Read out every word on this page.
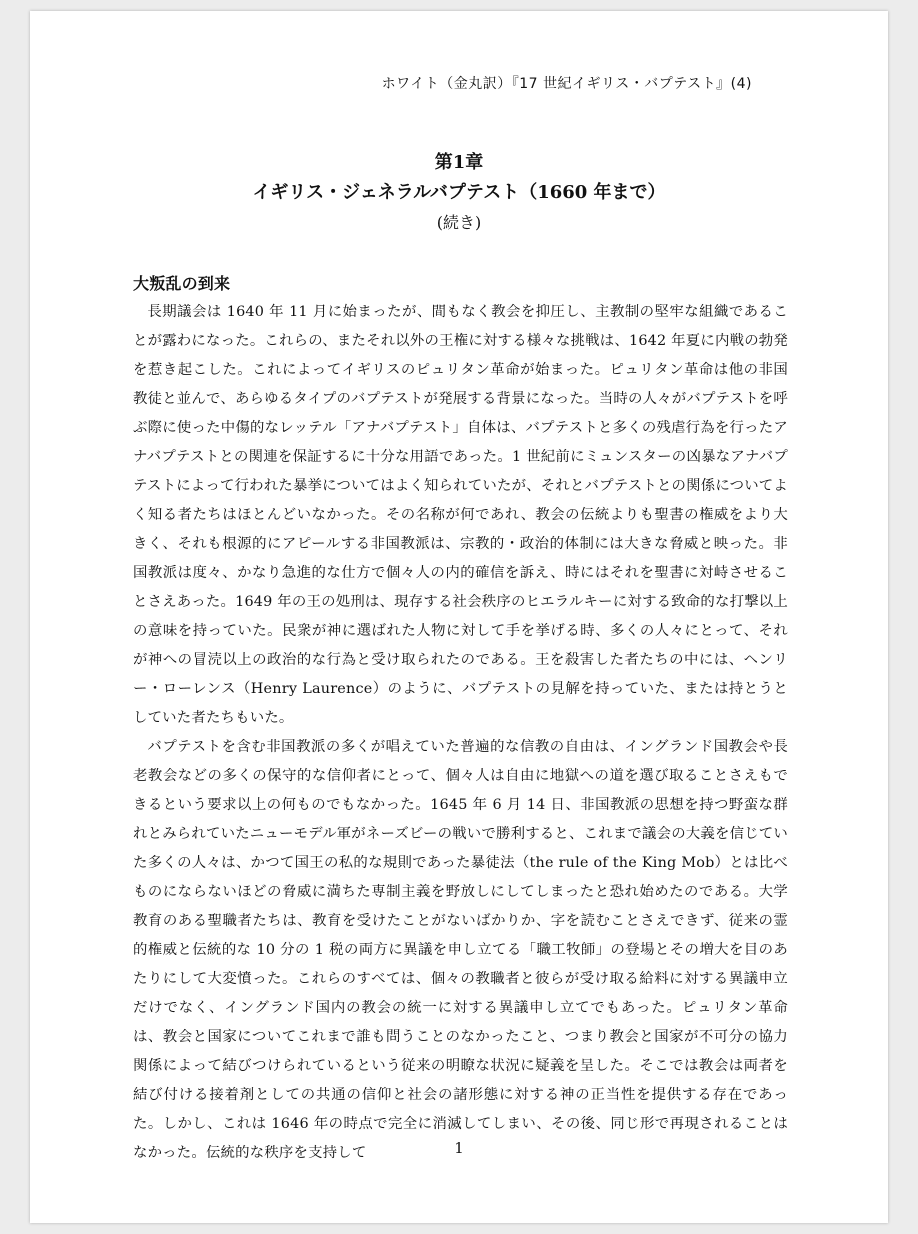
ホワイト（金丸訳）『17 世紀イギリス・バプテスト』(4)
第1章
イギリス・ジェネラルバプテスト（1660 年まで）
(続き)
大叛乱の到来

長期議会は 1640 年 11 月に始まったが、間もなく教会を抑圧し、主教制の堅牢な組織であることが露わになった。これらの、またそれ以外の王権に対する様々な挑戦は、1642 年夏に内戦の勃発を惹き起こした。これによってイギリスのピュリタン革命が始まった。ピュリタン革命は他の非国教徒と並んで、あらゆるタイプのバプテストが発展する背景になった。当時の人々がバプテストを呼ぶ際に使った中傷的なレッテル「アナバプテスト」自体は、バプテストと多くの残虐行為を行ったアナバプテストとの関連を保証するに十分な用語であった。1 世紀前にミュンスターの凶暴なアナバプテストによって行われた暴挙についてはよく知られていたが、それとバプテストとの関係についてよく知る者たちはほとんどいなかった。その名称が何であれ、教会の伝統よりも聖書の権威をより大きく、それも根源的にアピールする非国教派は、宗教的・政治的体制には大きな脅威と映った。非国教派は度々、かなり急進的な仕方で個々人の内的確信を訴え、時にはそれを聖書に対峙させることさえあった。1649 年の王の処刑は、現存する社会秩序のヒエラルキーに対する致命的な打撃以上の意味を持っていた。民衆が神に選ばれた人物に対して手を挙げる時、多くの人々にとって、それが神への冒涜以上の政治的な行為と受け取られたのである。王を殺害した者たちの中には、ヘンリー・ローレンス（Henry Laurence）のように、バプテストの見解を持っていた、または持とうとしていた者たちもいた。

バプテストを含む非国教派の多くが唱えていた普遍的な信教の自由は、イングランド国教会や長老教会などの多くの保守的な信仰者にとって、個々人は自由に地獄への道を選び取ることさえもできるという要求以上の何ものでもなかった。1645 年 6 月 14 日、非国教派の思想を持つ野蛮な群れとみられていたニューモデル軍がネーズビーの戦いで勝利すると、これまで議会の大義を信じていた多くの人々は、かつて国王の私的な規則であった暴徒法（the rule of the King Mob）とは比べものにならないほどの脅威に満ちた専制主義を野放しにしてしまったと恐れ始めたのである。大学教育のある聖職者たちは、教育を受けたことがないばかりか、字を読むことさえできず、従来の霊的権威と伝統的な 10 分の 1 税の両方に異議を申し立てる「職工牧師」の登場とその増大を目のあたりにして大変憤った。これらのすべては、個々の教職者と彼らが受け取る給料に対する異議申立だけでなく、イングランド国内の教会の統一に対する異議申し立てでもあった。ピュリタン革命は、教会と国家についてこれまで誰も問うことのなかったこと、つまり教会と国家が不可分の協力関係によって結びつけられているという従来の明瞭な状況に疑義を呈した。そこでは教会は両者を結び付ける接着剤としての共通の信仰と社会の諸形態に対する神の正当性を提供する存在であった。しかし、これは 1646 年の時点で完全に消滅してしまい、その後、同じ形で再現されることはなかった。伝統的な秩序を支持して	1
